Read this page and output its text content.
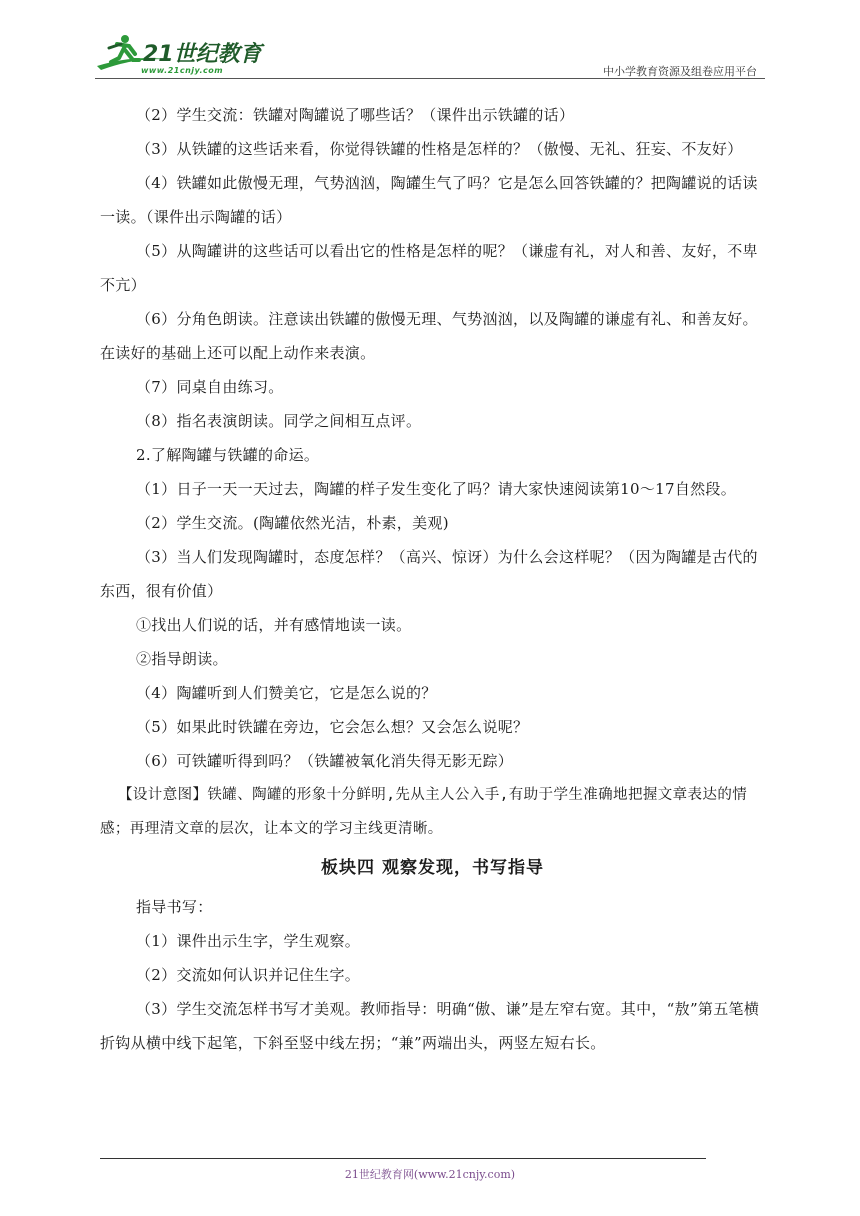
21世纪教育
www.21cnjy.com	中小学教育资源及组卷应用平台

（2）学生交流：铁罐对陶罐说了哪些话？（课件出示铁罐的话）

（3）从铁罐的这些话来看，你觉得铁罐的性格是怎样的？（傲慢、无礼、狂妄、不友好）

（4）铁罐如此傲慢无理，气势汹汹，陶罐生气了吗？它是怎么回答铁罐的？把陶罐说的话读一读。（课件出示陶罐的话）

（5）从陶罐讲的这些话可以看出它的性格是怎样的呢？（谦虚有礼，对人和善、友好，不卑不亢）

（6）分角色朗读。注意读出铁罐的傲慢无理、气势汹汹，以及陶罐的谦虚有礼、和善友好。在读好的基础上还可以配上动作来表演。

（7）同桌自由练习。

（8）指名表演朗读。同学之间相互点评。

2.了解陶罐与铁罐的命运。

（1）日子一天一天过去，陶罐的样子发生变化了吗？请大家快速阅读第10～17自然段。

（2）学生交流。(陶罐依然光洁，朴素，美观)

（3）当人们发现陶罐时，态度怎样？（高兴、惊讶）为什么会这样呢？（因为陶罐是古代的东西，很有价值）

①找出人们说的话，并有感情地读一读。

②指导朗读。

（4）陶罐听到人们赞美它，它是怎么说的？

（5）如果此时铁罐在旁边，它会怎么想？又会怎么说呢？

（6）可铁罐听得到吗？（铁罐被氧化消失得无影无踪）

【设计意图】铁罐、陶罐的形象十分鲜明,先从主人公入手,有助于学生准确地把握文章表达的情感；再理清文章的层次，让本文的学习主线更清晰。

板块四 观察发现，书写指导

指导书写：

（1）课件出示生字，学生观察。

（2）交流如何认识并记住生字。

（3）学生交流怎样书写才美观。教师指导：明确“傲、谦”是左窄右宽。其中，“敖”第五笔横折钩从横中线下起笔，下斜至竖中线左拐；“兼”两端出头，两竖左短右长。

21世纪教育网(www.21cnjy.com)
